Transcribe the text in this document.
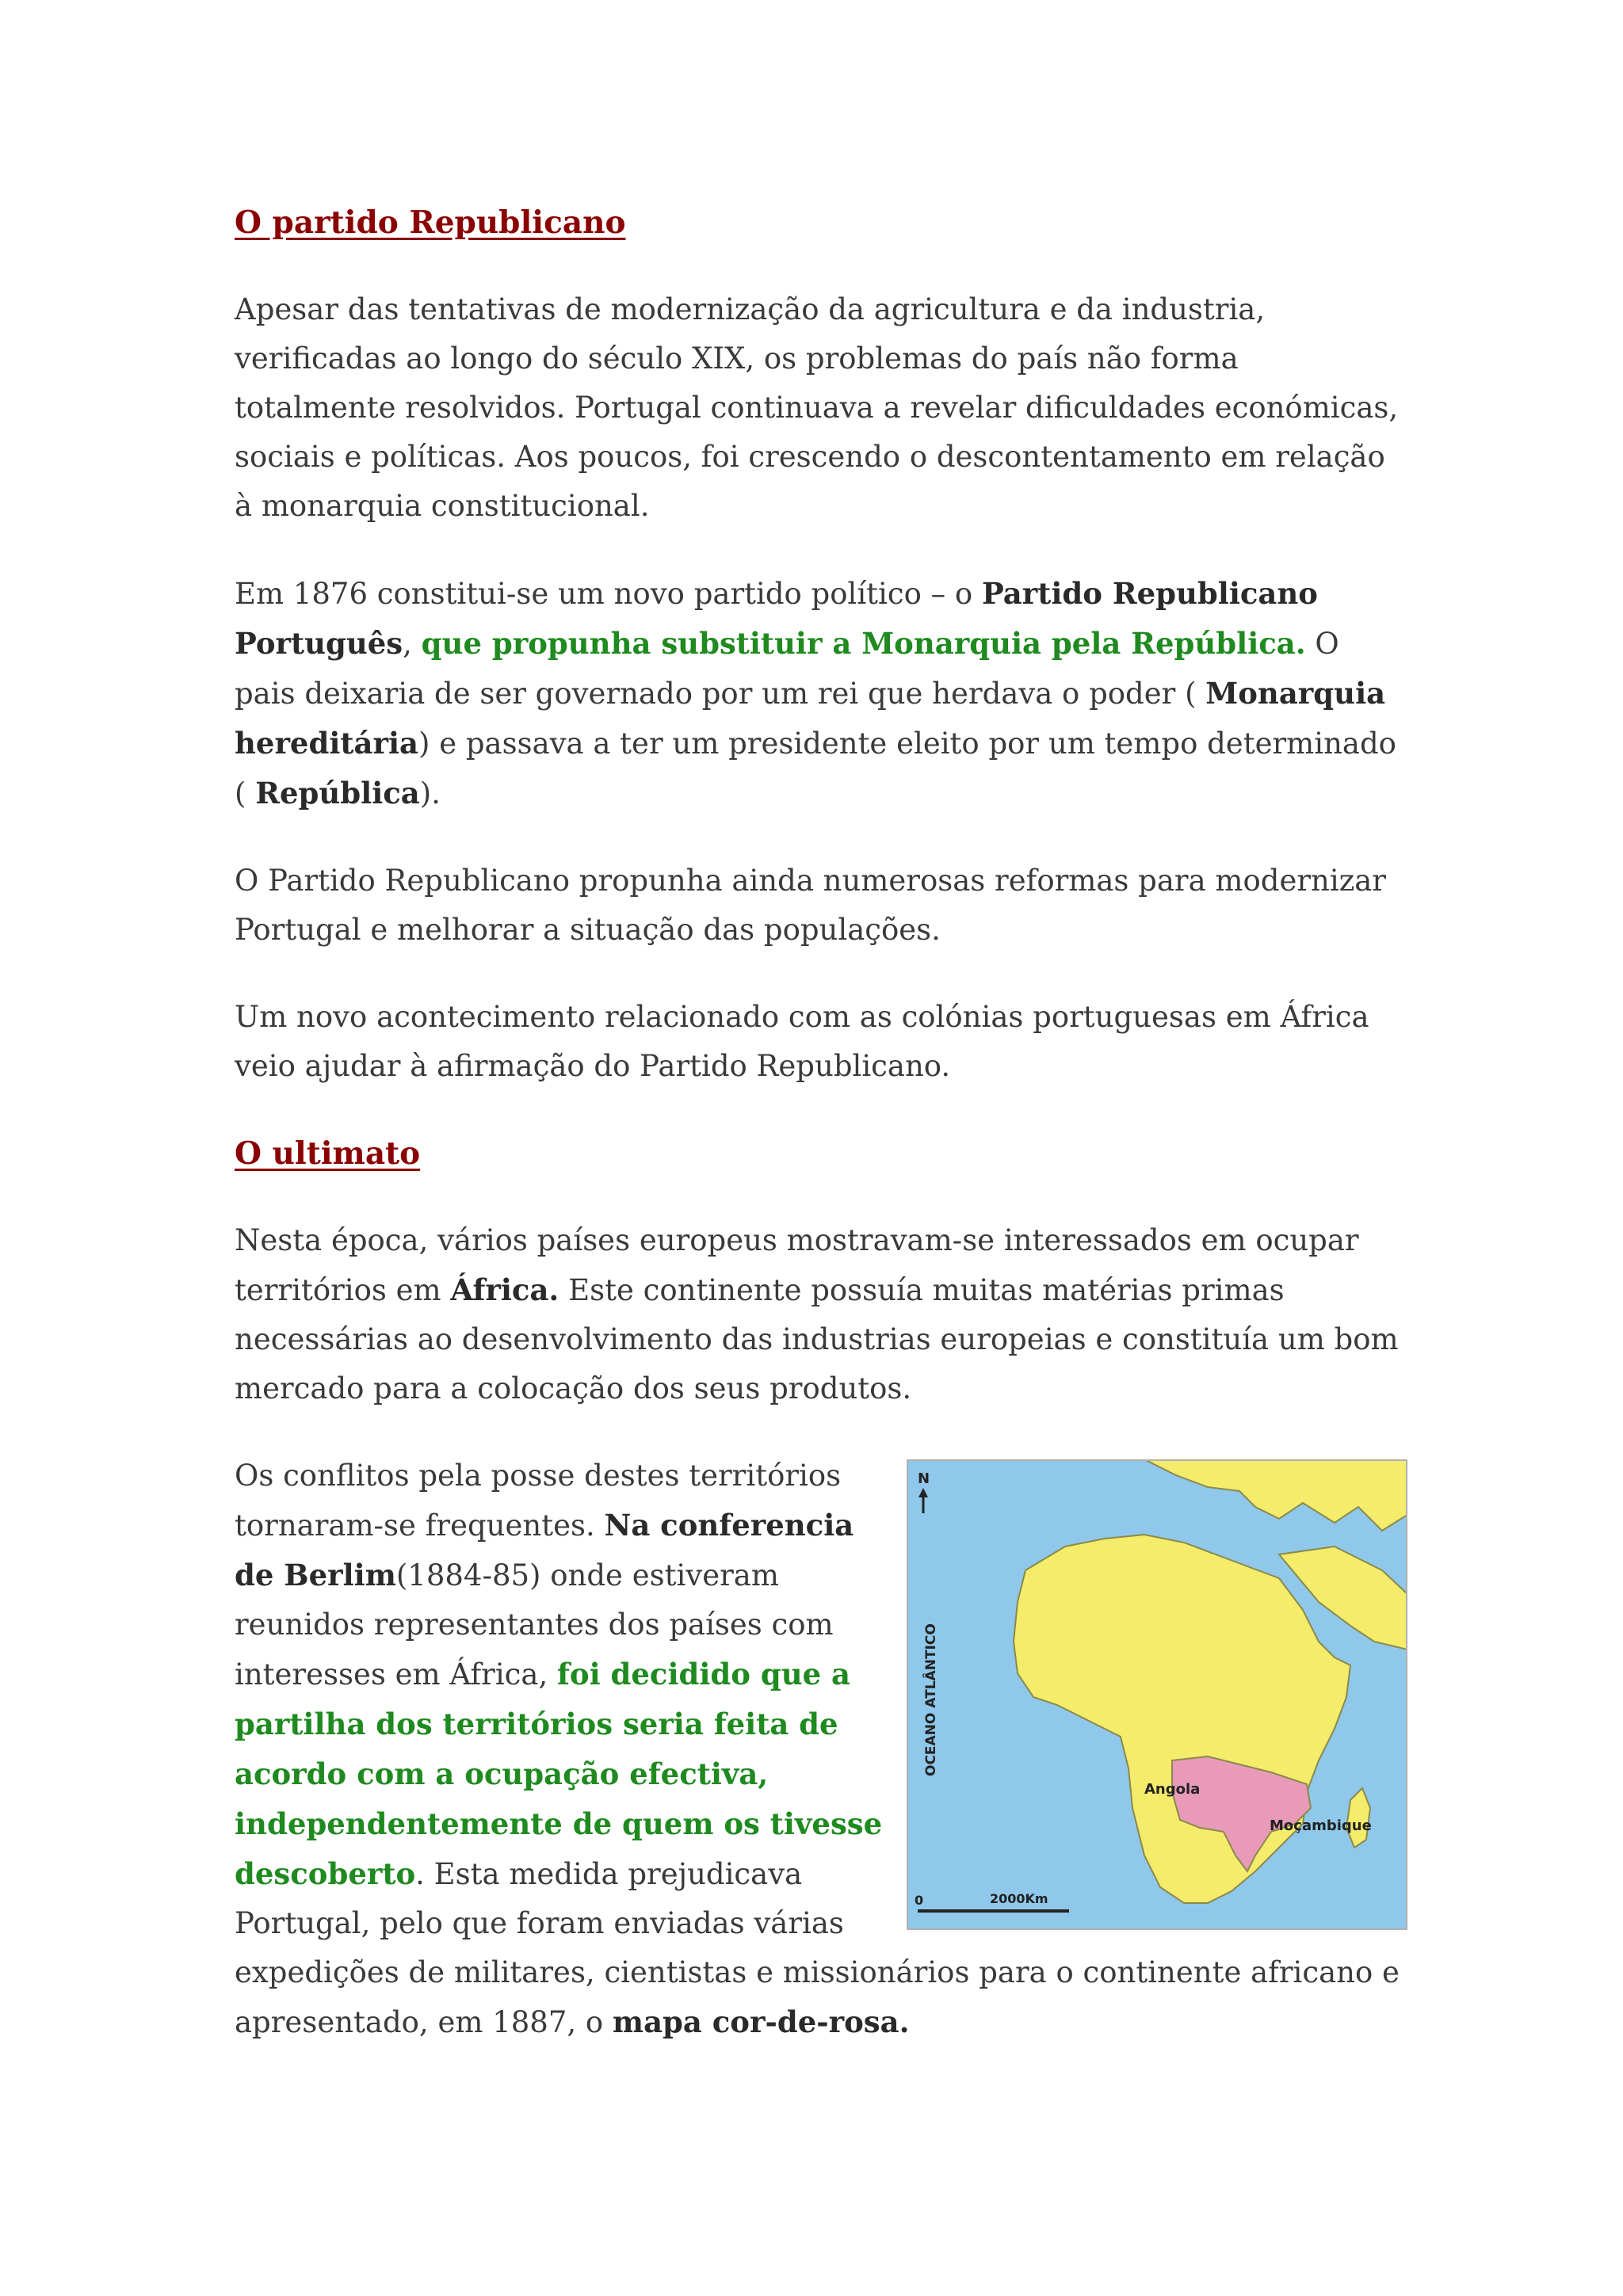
O partido Republicano

Apesar das tentativas de modernização da agricultura e da industria, verificadas ao longo do século XIX, os problemas do país não forma totalmente resolvidos. Portugal continuava a revelar dificuldades económicas, sociais e políticas. Aos poucos, foi crescendo o descontentamento em relação à monarquia constitucional.

Em 1876 constitui-se um novo partido político – o Partido Republicano Português, que propunha substituir a Monarquia pela República. O pais deixaria de ser governado por um rei que herdava o poder ( Monarquia hereditária) e passava a ter um presidente eleito por um tempo determinado ( República).

O Partido Republicano propunha ainda numerosas reformas para modernizar Portugal e melhorar a situação das populações.

Um novo acontecimento relacionado com as colónias portuguesas em África veio ajudar à afirmação do Partido Republicano.

O ultimato

Nesta época, vários países europeus mostravam-se interessados em ocupar territórios em África. Este continente possuía muitas matérias primas necessárias ao desenvolvimento das industrias europeias e constituía um bom mercado para a colocação dos seus produtos.

N
OCEANO ATLÂNTICO
Angola
Moçambique
0	2000Km

Os conflitos pela posse destes territórios tornaram-se frequentes. Na conferencia de Berlim(1884-85) onde estiveram reunidos representantes dos países com interesses em África, foi decidido que a partilha dos territórios seria feita de acordo com a ocupação efectiva, independentemente de quem os tivesse descoberto. Esta medida prejudicava Portugal, pelo que foram enviadas várias expedições de militares, cientistas e missionários para o continente africano e apresentado, em 1887, o mapa cor-de-rosa.
